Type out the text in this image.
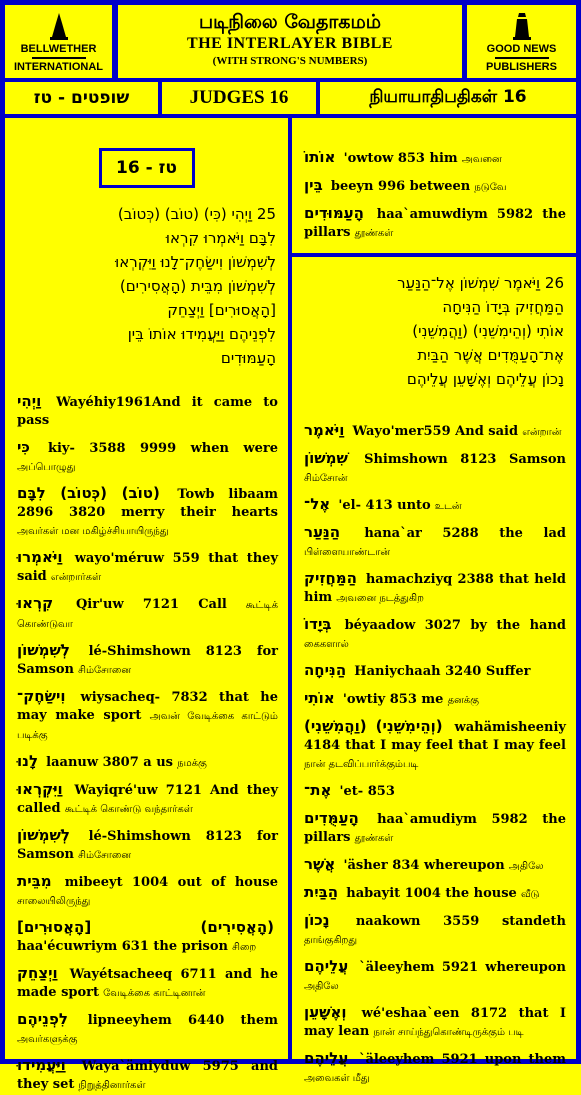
BELLWETHER
INTERNATIONAL
படிநிலை வேதாகமம்
THE INTERLAYER BIBLE
(WITH STRONG'S NUMBERS)
GOOD NEWS
PUBLISHERS
שופטים - טז	JUDGES 16	நியாயாதிபதிகள் 16
טז - 16
25 וַיְהִי (כִּי) (טוֹב) (כְּטוֹב)
לִבָּם וַיֹּאמְרוּ קִרְאוּ
לְשִׁמְשׁוֹן וִישַׂחֶק־לָנוּ וַיִּקְרְאוּ
לְשִׁמְשׁוֹן מִבֵּית (הָאֲסִירִים)
[הָאֲסוּרִים] וַיְצַחֵק
לִפְנֵיהֶם וַיַּעֲמִידוּ אוֹתוֹ בֵּין
הָעַמּוּדִים
וַיְהִי Wayéhiy1961And it came to pass
כִּי kiy- 3588 9999 when were அப்பொழுது
(טוֹב) (כְּטוֹב) לִבָּם Towb libaam 2896 3820 merry their hearts அவர்கள் மன மகிழ்ச்சியாயிருந்து
וַיֹּאמְרוּ wayo'méruw 559 that they said என்றார்கள்
קִרְאוּ Qir'uw 7121 Call கூட்டிக் கொண்டுவா
לְשִׁמְשׁוֹן lé-Shimshown 8123 for Samson சிம்சோனை
וִישַׂחֶק־ wiysacheq- 7832 that he may make sport அவன் வேடிக்கை காட்டும் படிக்கு
לָנוּ laanuw 3807 a us நமக்கு
וַיִּקְרְאוּ Wayiqré'uw 7121 And they called கூட்டிக் கொண்டு வந்தார்கள்
לְשִׁמְשׁוֹן lé-Shimshown 8123 for Samson சிம்சோனை
מִבֵּית mibeeyt 1004 out of house சாலையிலிருந்து
(הָאֲסִירִים) [הָאֲסוּרִים] haa'écuwriym 631 the prison சிறை
וַיְצַחֵק Wayétsacheeq 6711 and he made sport வேடிக்கை காட்டினான்
לִפְנֵיהֶם lipneeyhem 6440 them அவர்களுக்கு
וַיַּעֲמִידוּ Waya`ämiyduw 5975 and they set நிறுத்தினார்கள்
אוֹתוֹ 'owtow 853 him அவனை
בֵּין beeyn 996 between நடுவே
הָעַמּוּדִים haa`amuwdiym 5982 the pillars தூண்கள்
26 וַיֹּאמֶר שִׁמְשׁוֹן אֶל־הַנַּעַר
הַמַּחֲזִיק בְּיָדוֹ הַנִּיחָה
אוֹתִי (וְהֵימִשֵׁנִי) (וַהֲמִשֵׁנִי)
אֶת־הָעַמֻּדִים אֲשֶׁר הַבַּיִת
נָכוֹן עֲלֵיהֶם וְאֶשָּׁעֵן עֲלֵיהֶם
וַיֹּאמֶר Wayo'mer559 And said என்றான்
שִׁמְשׁוֹן Shimshown 8123 Samson சிம்சோன்
אֶל־ 'el- 413 unto உடன்
הַנַּעַר hana`ar 5288 the lad பிள்ளையாண்டான்
הַמַּחֲזִיק hamachziyq 2388 that held him அவனை நடத்துகிற
בְּיָדוֹ béyaadow 3027 by the hand கைகளால்
הַנִּיחָה Haniychaah 3240 Suffer
אוֹתִי 'owtiy 853 me தனக்கு
(וְהֵימִשֵׁנִי) (וַהֲמִשֵׁנִי) wahämisheeniy 4184 that I may feel that I may feel நான் தடவிப்பார்க்கும்படி
אֶת־ 'et- 853
הָעַמֻּדִים haa`amudiym 5982 the pillars தூண்கள்
אֲשֶׁר 'äsher 834 whereupon அதிலே
הַבַּיִת habayit 1004 the house வீடு
נָכוֹן naakown 3559 standeth தாங்குகிறது
עֲלֵיהֶם `äleeyhem 5921 whereupon அதிலே
וְאֶשָּׁעֵן wé'eshaa`een 8172 that I may lean நான் சாய்ந்துகொண்டிருக்கும் படி
עֲלֵיהֶם `äleeyhem 5921 upon them அவைகள் மீது
